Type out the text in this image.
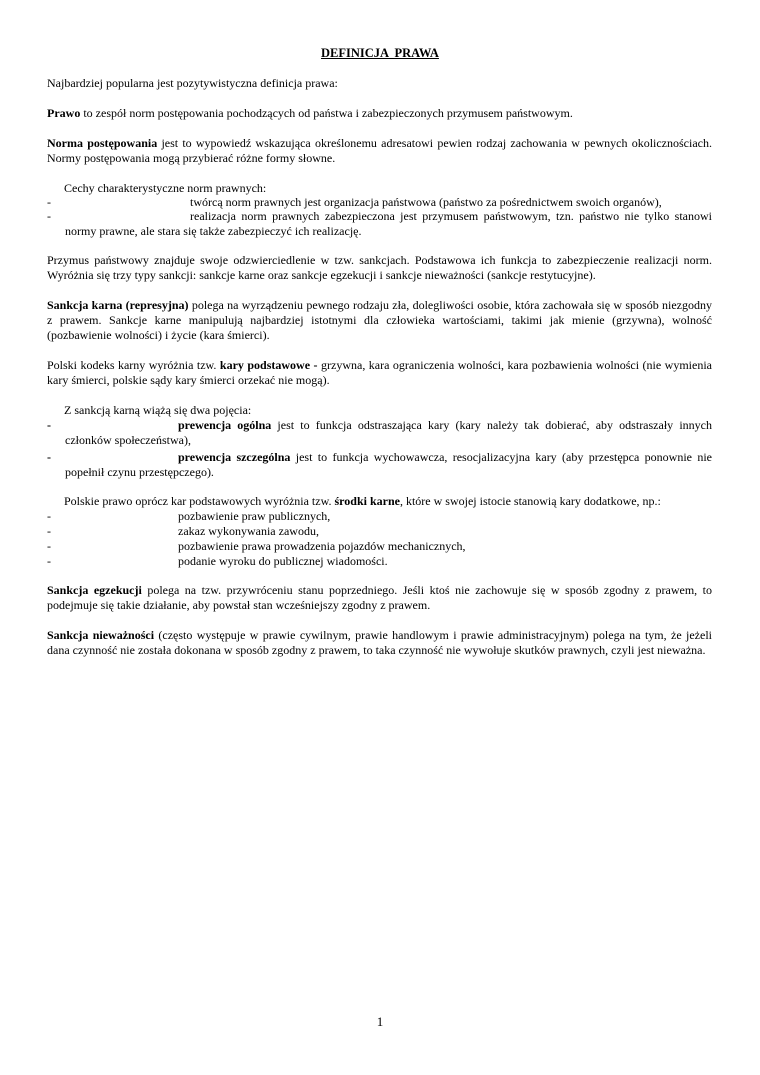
DEFINICJA PRAWA

Najbardziej popularna jest pozytywistyczna definicja prawa:

Prawo to zespół norm postępowania pochodzących od państwa i zabezpieczonych przymusem państwowym.

Norma postępowania jest to wypowiedź wskazująca określonemu adresatowi pewien rodzaj zachowania w pewnych okolicznościach. Normy postępowania mogą przybierać różne formy słowne.

Cechy charakterystyczne norm prawnych:
-	twórcą norm prawnych jest organizacja państwowa (państwo za pośrednictwem swoich organów),
-	realizacja norm prawnych zabezpieczona jest przymusem państwowym, tzn. państwo nie tylko stanowi normy prawne, ale stara się także zabezpieczyć ich realizację.

Przymus państwowy znajduje swoje odzwierciedlenie w tzw. sankcjach. Podstawowa ich funkcja to zabezpieczenie realizacji norm. Wyróżnia się trzy typy sankcji: sankcje karne oraz sankcje egzekucji i sankcje nieważności (sankcje restytucyjne).

Sankcja karna (represyjna) polega na wyrządzeniu pewnego rodzaju zła, dolegliwości osobie, która zachowała się w sposób niezgodny z prawem. Sankcje karne manipulują najbardziej istotnymi dla człowieka wartościami, takimi jak mienie (grzywna), wolność (pozbawienie wolności) i życie (kara śmierci).

Polski kodeks karny wyróżnia tzw. kary podstawowe - grzywna, kara ograniczenia wolności, kara pozbawienia wolności (nie wymienia kary śmierci, polskie sądy kary śmierci orzekać nie mogą).

Z sankcją karną wiążą się dwa pojęcia:
-	prewencja ogólna jest to funkcja odstraszająca kary (kary należy tak dobierać, aby odstraszały innych członków społeczeństwa),
-	prewencja szczególna jest to funkcja wychowawcza, resocjalizacyjna kary (aby przestępca ponownie nie popełnił czynu przestępczego).
Polskie prawo oprócz kar podstawowych wyróżnia tzw. środki karne, które w swojej istocie stanowią kary dodatkowe, np.:
-	pozbawienie praw publicznych,
-	zakaz wykonywania zawodu,
-	pozbawienie prawa prowadzenia pojazdów mechanicznych,
-	podanie wyroku do publicznej wiadomości.

Sankcja egzekucji polega na tzw. przywróceniu stanu poprzedniego. Jeśli ktoś nie zachowuje się w sposób zgodny z prawem, to podejmuje się takie działanie, aby powstał stan wcześniejszy zgodny z prawem.

Sankcja nieważności (często występuje w prawie cywilnym, prawie handlowym i prawie administracyjnym) polega na tym, że jeżeli dana czynność nie została dokonana w sposób zgodny z prawem, to taka czynność nie wywołuje skutków prawnych, czyli jest nieważna.

1
